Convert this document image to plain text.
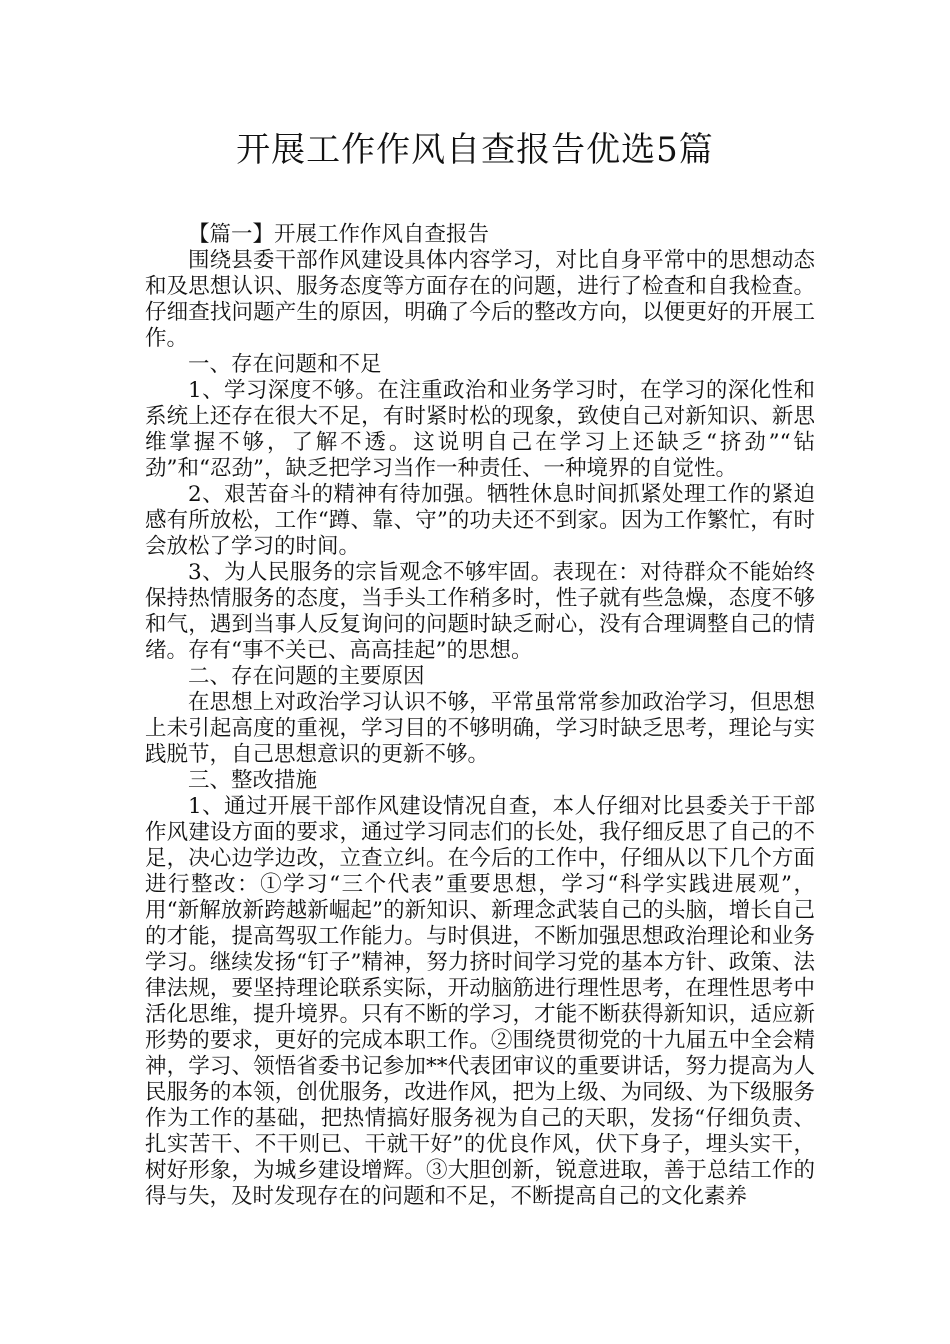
开展工作作风自查报告优选5篇

【篇一】开展工作作风自查报告

围绕县委干部作风建设具体内容学习，对比自身平常中的思想动态和及思想认识、服务态度等方面存在的问题，进行了检查和自我检查。仔细查找问题产生的原因，明确了今后的整改方向，以便更好的开展工作。

一、存在问题和不足

1、学习深度不够。在注重政治和业务学习时，在学习的深化性和系统上还存在很大不足，有时紧时松的现象，致使自己对新知识、新思维掌握不够，了解不透。这说明自己在学习上还缺乏“挤劲”“钻劲”和“忍劲”，缺乏把学习当作一种责任、一种境界的自觉性。

2、艰苦奋斗的精神有待加强。牺牲休息时间抓紧处理工作的紧迫感有所放松，工作“蹲、靠、守”的功夫还不到家。因为工作繁忙，有时会放松了学习的时间。

3、为人民服务的宗旨观念不够牢固。表现在：对待群众不能始终保持热情服务的态度，当手头工作稍多时，性子就有些急燥，态度不够和气，遇到当事人反复询问的问题时缺乏耐心，没有合理调整自己的情绪。存有“事不关已、高高挂起”的思想。

二、存在问题的主要原因

在思想上对政治学习认识不够，平常虽常常参加政治学习，但思想上未引起高度的重视，学习目的不够明确，学习时缺乏思考，理论与实践脱节，自己思想意识的更新不够。

三、整改措施

1、通过开展干部作风建设情况自查，本人仔细对比县委关于干部作风建设方面的要求，通过学习同志们的长处，我仔细反思了自己的不足，决心边学边改，立查立纠。在今后的工作中，仔细从以下几个方面进行整改：①学习“三个代表”重要思想，学习“科学实践进展观”，用“新解放新跨越新崛起”的新知识、新理念武装自己的头脑，增长自己的才能，提高驾驭工作能力。与时俱进，不断加强思想政治理论和业务学习。继续发扬“钉子”精神，努力挤时间学习党的基本方针、政策、法律法规，要坚持理论联系实际，开动脑筋进行理性思考，在理性思考中活化思维，提升境界。只有不断的学习，才能不断获得新知识，适应新形势的要求，更好的完成本职工作。②围绕贯彻党的十九届五中全会精神，学习、领悟省委书记参加**代表团审议的重要讲话，努力提高为人民服务的本领，创优服务，改进作风，把为上级、为同级、为下级服务作为工作的基础，把热情搞好服务视为自己的天职，发扬“仔细负责、扎实苦干、不干则已、干就干好”的优良作风，伏下身子，埋头实干，树好形象，为城乡建设增辉。③大胆创新，锐意进取，善于总结工作的得与失，及时发现存在的问题和不足，不断提高自己的文化素养
